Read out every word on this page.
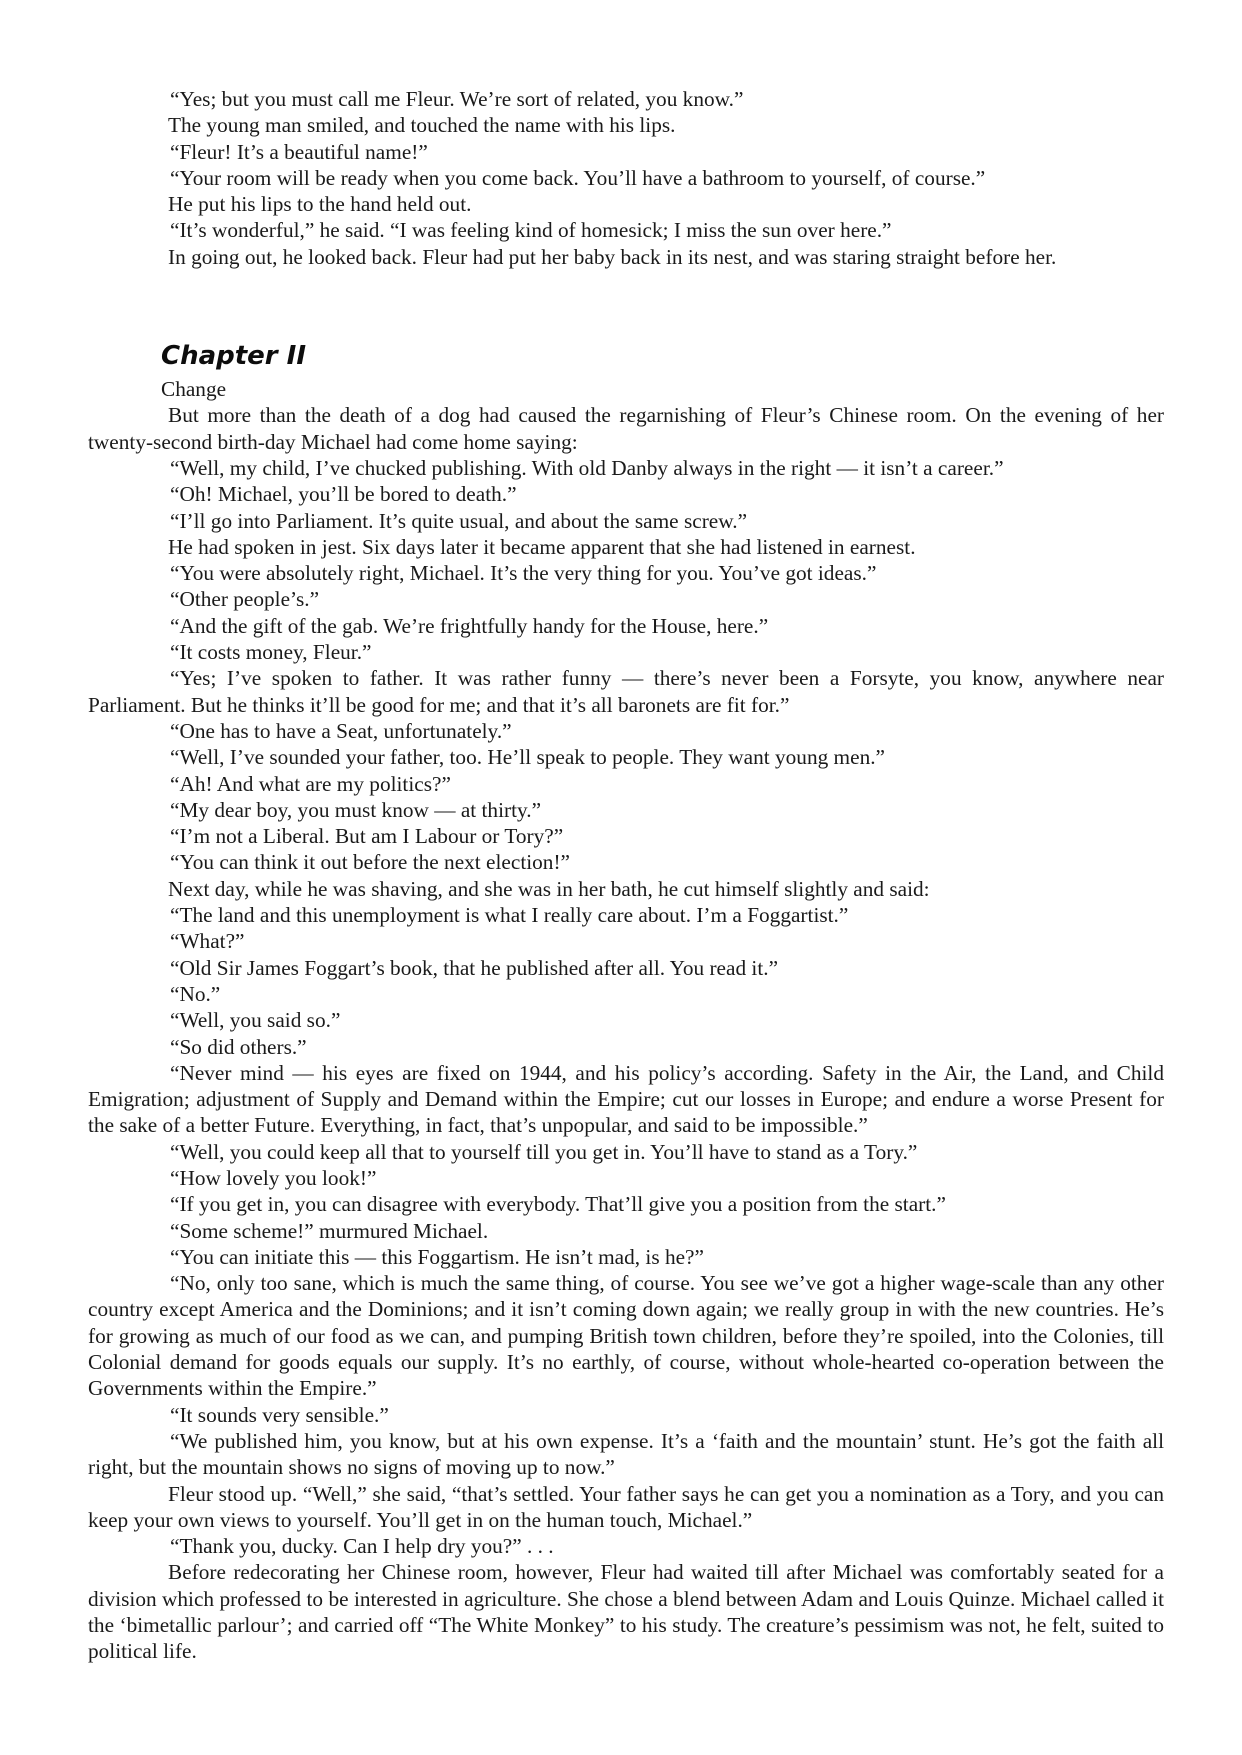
“Yes; but you must call me Fleur. We’re sort of related, you know.”

The young man smiled, and touched the name with his lips.

“Fleur! It’s a beautiful name!”

“Your room will be ready when you come back. You’ll have a bathroom to yourself, of course.”

He put his lips to the hand held out.

“It’s wonderful,” he said. “I was feeling kind of homesick; I miss the sun over here.”

In going out, he looked back. Fleur had put her baby back in its nest, and was staring straight before her.

Chapter II

Change

But more than the death of a dog had caused the regarnishing of Fleur’s Chinese room. On the evening of her twenty-second birth-day Michael had come home saying:

“Well, my child, I’ve chucked publishing. With old Danby always in the right — it isn’t a career.”

“Oh! Michael, you’ll be bored to death.”

“I’ll go into Parliament. It’s quite usual, and about the same screw.”

He had spoken in jest. Six days later it became apparent that she had listened in earnest.

“You were absolutely right, Michael. It’s the very thing for you. You’ve got ideas.”

“Other people’s.”

“And the gift of the gab. We’re frightfully handy for the House, here.”

“It costs money, Fleur.”

“Yes; I’ve spoken to father. It was rather funny — there’s never been a Forsyte, you know, anywhere near Parliament. But he thinks it’ll be good for me; and that it’s all baronets are fit for.”

“One has to have a Seat, unfortunately.”

“Well, I’ve sounded your father, too. He’ll speak to people. They want young men.”

“Ah! And what are my politics?”

“My dear boy, you must know — at thirty.”

“I’m not a Liberal. But am I Labour or Tory?”

“You can think it out before the next election!”

Next day, while he was shaving, and she was in her bath, he cut himself slightly and said:

“The land and this unemployment is what I really care about. I’m a Foggartist.”

“What?”

“Old Sir James Foggart’s book, that he published after all. You read it.”

“No.”

“Well, you said so.”

“So did others.”

“Never mind — his eyes are fixed on 1944, and his policy’s according. Safety in the Air, the Land, and Child Emigration; adjustment of Supply and Demand within the Empire; cut our losses in Europe; and endure a worse Present for the sake of a better Future. Everything, in fact, that’s unpopular, and said to be impossible.”

“Well, you could keep all that to yourself till you get in. You’ll have to stand as a Tory.”

“How lovely you look!”

“If you get in, you can disagree with everybody. That’ll give you a position from the start.”

“Some scheme!” murmured Michael.

“You can initiate this — this Foggartism. He isn’t mad, is he?”

“No, only too sane, which is much the same thing, of course. You see we’ve got a higher wage-scale than any other country except America and the Dominions; and it isn’t coming down again; we really group in with the new countries. He’s for growing as much of our food as we can, and pumping British town children, before they’re spoiled, into the Colonies, till Colonial demand for goods equals our supply. It’s no earthly, of course, without whole-hearted co-operation between the Governments within the Empire.”

“It sounds very sensible.”

“We published him, you know, but at his own expense. It’s a ‘faith and the mountain’ stunt. He’s got the faith all right, but the mountain shows no signs of moving up to now.”

Fleur stood up. “Well,” she said, “that’s settled. Your father says he can get you a nomination as a Tory, and you can keep your own views to yourself. You’ll get in on the human touch, Michael.”

“Thank you, ducky. Can I help dry you?” . . .

Before redecorating her Chinese room, however, Fleur had waited till after Michael was comfortably seated for a division which professed to be interested in agriculture. She chose a blend between Adam and Louis Quinze. Michael called it the ‘bimetallic parlour’; and carried off “The White Monkey” to his study. The creature’s pessimism was not, he felt, suited to political life.
